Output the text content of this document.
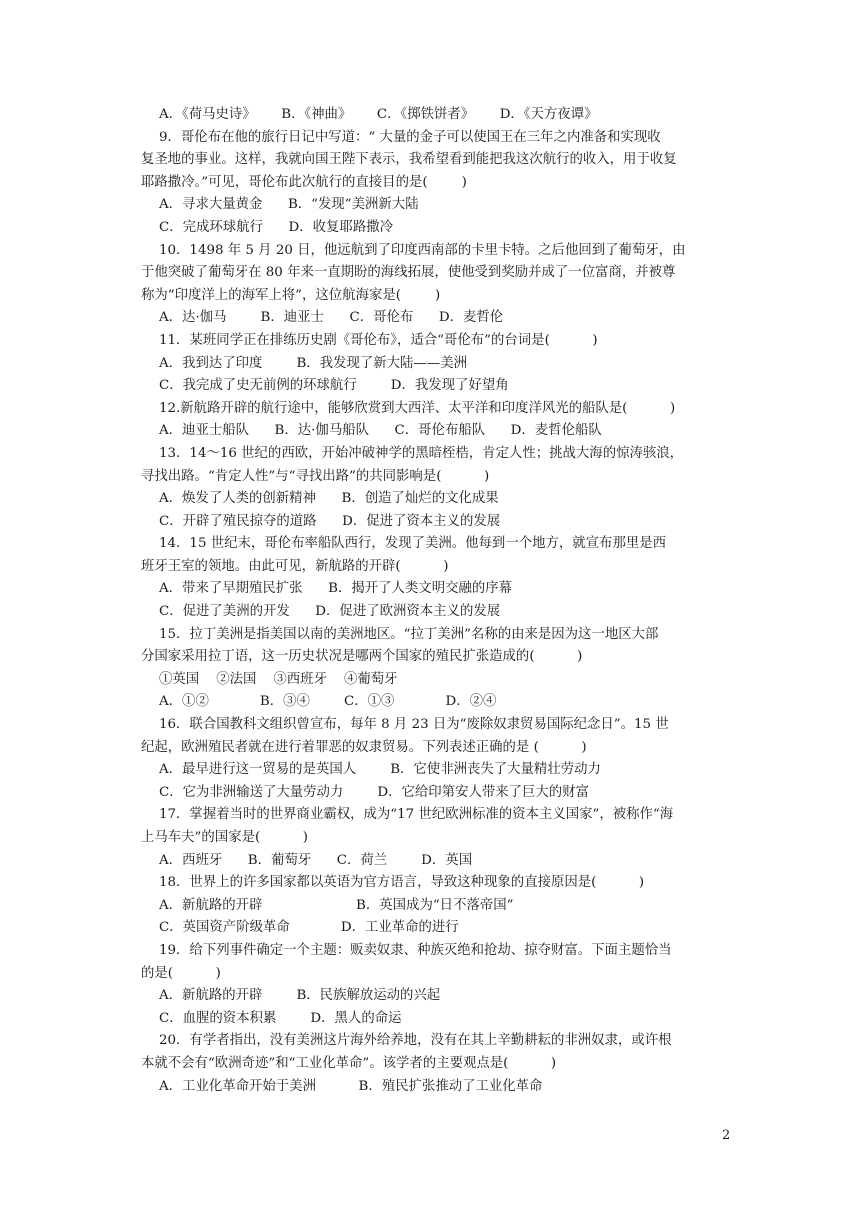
A．《荷马史诗》      B．《神曲》      C．《掷铁饼者》      D．《天方夜谭》
9．哥伦布在他的旅行日记中写道：“ 大量的金子可以使国王在三年之内准备和实现收
复圣地的事业。这样，我就向国王陛下表示，我希望看到能把我这次航行的收入，用于收复
耶路撒冷。”可见，哥伦布此次航行的直接目的是(        )
A．寻求大量黄金      B．“发现”美洲新大陆
C．完成环球航行      D．收复耶路撒冷
10．1498 年 5 月 20 日，他远航到了印度西南部的卡里卡特。之后他回到了葡萄牙，由
于他突破了葡萄牙在 80 年来一直期盼的海线拓展，使他受到奖励并成了一位富商，并被尊
称为“印度洋上的海军上将”，这位航海家是(        )
A．达·伽马        B．迪亚士      C．哥伦布      D．麦哲伦
11．某班同学正在排练历史剧《哥伦布》，适合“哥伦布”的台词是(          )
A．我到达了印度        B．我发现了新大陆——美洲
C．我完成了史无前例的环球航行        D．我发现了好望角
12.新航路开辟的航行途中，能够欣赏到大西洋、太平洋和印度洋风光的船队是(          )
A．迪亚士船队      B．达·伽马船队      C．哥伦布船队      D．麦哲伦船队
13．14～16 世纪的西欧，开始冲破神学的黑暗桎梏，肯定人性；挑战大海的惊涛骇浪，
寻找出路。“肯定人性”与“寻找出路”的共同影响是(          )
A．焕发了人类的创新精神      B．创造了灿烂的文化成果
C．开辟了殖民掠夺的道路      D．促进了资本主义的发展
14．15 世纪末，哥伦布率船队西行，发现了美洲。他每到一个地方，就宣布那里是西
班牙王室的领地。由此可见，新航路的开辟(          )
A．带来了早期殖民扩张      B．揭开了人类文明交融的序幕
C．促进了美洲的开发      D．促进了欧洲资本主义的发展
15．拉丁美洲是指美国以南的美洲地区。“拉丁美洲”名称的由来是因为这一地区大部
分国家采用拉丁语，这一历史状况是哪两个国家的殖民扩张造成的(          )
①英国    ②法国    ③西班牙    ④葡萄牙
A．①②            B．③④        C．①③            D．②④
16．联合国教科文组织曾宣布，每年 8 月 23 日为“废除奴隶贸易国际纪念日”。15 世
纪起，欧洲殖民者就在进行着罪恶的奴隶贸易。下列表述正确的是 (          )
A．最早进行这一贸易的是英国人        B．它使非洲丧失了大量精壮劳动力
C．它为非洲输送了大量劳动力        D．它给印第安人带来了巨大的财富
17．掌握着当时的世界商业霸权，成为“17 世纪欧洲标准的资本主义国家”，被称作“海
上马车夫”的国家是(          )
A．西班牙      B．葡萄牙      C．荷兰        D．英国
18．世界上的许多国家都以英语为官方语言，导致这种现象的直接原因是(          )
A．新航路的开辟                      B．英国成为“日不落帝国”
C．英国资产阶级革命            D．工业革命的进行
19．给下列事件确定一个主题：贩卖奴隶、种族灭绝和抢劫、掠夺财富。下面主题恰当
的是(          )
A．新航路的开辟        B．民族解放运动的兴起
C．血腥的资本积累        D．黑人的命运
20．有学者指出，没有美洲这片海外给养地，没有在其上辛勤耕耘的非洲奴隶，或许根
本就不会有“欧洲奇迹”和“工业化革命”。该学者的主要观点是(          )
A．工业化革命开始于美洲          B．殖民扩张推动了工业化革命
2
